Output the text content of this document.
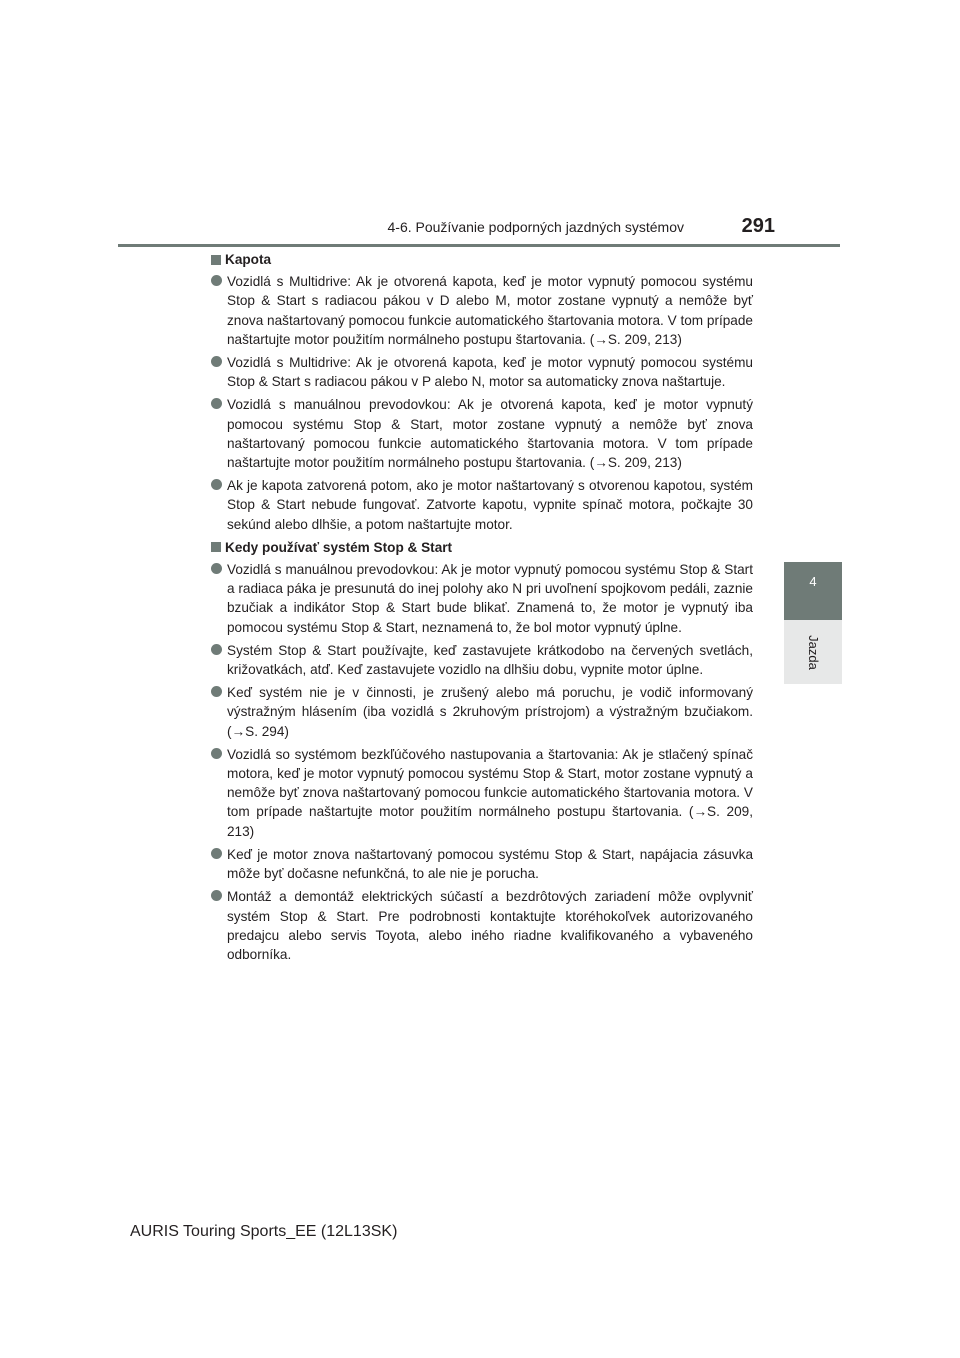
4-6. Používanie podporných jazdných systémov	291
4
Jazda
Kapota
Vozidlá s Multidrive: Ak je otvorená kapota, keď je motor vypnutý pomocou systému Stop & Start s radiacou pákou v D alebo M, motor zostane vypnutý a nemôže byť znova naštartovaný pomocou funkcie automatického štartovania motora. V tom prípade naštartujte motor použitím normálneho postupu štartovania. (→S. 209, 213)
Vozidlá s Multidrive: Ak je otvorená kapota, keď je motor vypnutý pomocou systému Stop & Start s radiacou pákou v P alebo N, motor sa automaticky znova naštartuje.
Vozidlá s manuálnou prevodovkou: Ak je otvorená kapota, keď je motor vypnutý pomocou systému Stop & Start, motor zostane vypnutý a nemôže byť znova naštartovaný pomocou funkcie automatického štartovania motora. V tom prípade naštartujte motor použitím normálneho postupu štartovania. (→S. 209, 213)
Ak je kapota zatvorená potom, ako je motor naštartovaný s otvorenou kapotou, systém Stop & Start nebude fungovať. Zatvorte kapotu, vypnite spínač motora, počkajte 30 sekúnd alebo dlhšie, a potom naštartujte motor.
Kedy používať systém Stop & Start
Vozidlá s manuálnou prevodovkou: Ak je motor vypnutý pomocou systému Stop & Start a radiaca páka je presunutá do inej polohy ako N pri uvoľnení spojkovom pedáli, zaznie bzučiak a indikátor Stop & Start bude blikať. Znamená to, že motor je vypnutý iba pomocou systému Stop & Start, neznamená to, že bol motor vypnutý úplne.
Systém Stop & Start používajte, keď zastavujete krátkodobo na červených svetlách, križovatkách, atď. Keď zastavujete vozidlo na dlhšiu dobu, vypnite motor úplne.
Keď systém nie je v činnosti, je zrušený alebo má poruchu, je vodič informovaný výstražným hlásením (iba vozidlá s 2kruhovým prístrojom) a výstražným bzučiakom. (→S. 294)
Vozidlá so systémom bezkľúčového nastupovania a štartovania: Ak je stlačený spínač motora, keď je motor vypnutý pomocou systému Stop & Start, motor zostane vypnutý a nemôže byť znova naštartovaný pomocou funkcie automatického štartovania motora. V tom prípade naštartujte motor použitím normálneho postupu štartovania. (→S. 209, 213)
Keď je motor znova naštartovaný pomocou systému Stop & Start, napájacia zásuvka môže byť dočasne nefunkčná, to ale nie je porucha.
Montáž a demontáž elektrických súčastí a bezdrôtových zariadení môže ovplyvniť systém Stop & Start. Pre podrobnosti kontaktujte ktoréhokoľvek autorizovaného predajcu alebo servis Toyota, alebo iného riadne kvalifikovaného a vybaveného odborníka.
AURIS Touring Sports_EE (12L13SK)
